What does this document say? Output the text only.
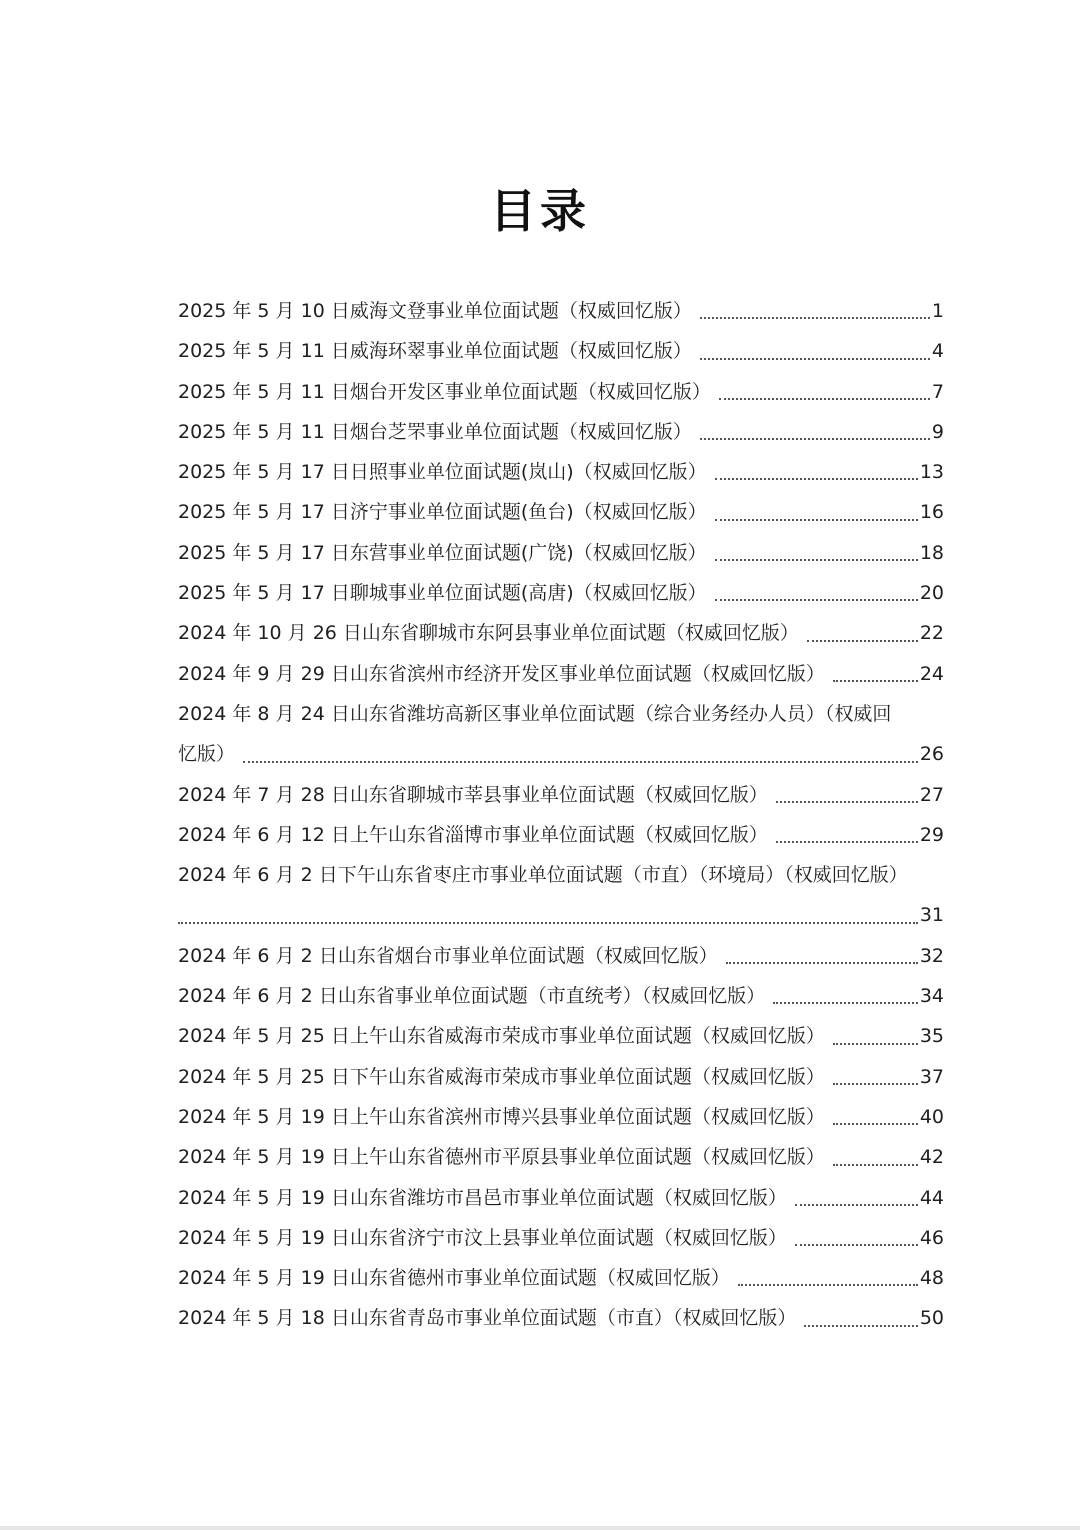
目录
2025 年 5 月 10 日威海文登事业单位面试题（权威回忆版）	1
2025 年 5 月 11 日威海环翠事业单位面试题（权威回忆版）	4
2025 年 5 月 11 日烟台开发区事业单位面试题（权威回忆版）	7
2025 年 5 月 11 日烟台芝罘事业单位面试题（权威回忆版）	9
2025 年 5 月 17 日日照事业单位面试题(岚山)（权威回忆版）	13
2025 年 5 月 17 日济宁事业单位面试题(鱼台)（权威回忆版）	16
2025 年 5 月 17 日东营事业单位面试题(广饶)（权威回忆版）	18
2025 年 5 月 17 日聊城事业单位面试题(高唐)（权威回忆版）	20
2024 年 10 月 26 日山东省聊城市东阿县事业单位面试题（权威回忆版）	22
2024 年 9 月 29 日山东省滨州市经济开发区事业单位面试题（权威回忆版）	24
2024 年 8 月 24 日山东省潍坊高新区事业单位面试题（综合业务经办人员）（权威回
忆版）	26
2024 年 7 月 28 日山东省聊城市莘县事业单位面试题（权威回忆版）	27
2024 年 6 月 12 日上午山东省淄博市事业单位面试题（权威回忆版）	29
2024 年 6 月 2 日下午山东省枣庄市事业单位面试题（市直）（环境局）（权威回忆版）
31
2024 年 6 月 2 日山东省烟台市事业单位面试题（权威回忆版）	32
2024 年 6 月 2 日山东省事业单位面试题（市直统考）（权威回忆版）	34
2024 年 5 月 25 日上午山东省威海市荣成市事业单位面试题（权威回忆版）	35
2024 年 5 月 25 日下午山东省威海市荣成市事业单位面试题（权威回忆版）	37
2024 年 5 月 19 日上午山东省滨州市博兴县事业单位面试题（权威回忆版）	40
2024 年 5 月 19 日上午山东省德州市平原县事业单位面试题（权威回忆版）	42
2024 年 5 月 19 日山东省潍坊市昌邑市事业单位面试题（权威回忆版）	44
2024 年 5 月 19 日山东省济宁市汶上县事业单位面试题（权威回忆版）	46
2024 年 5 月 19 日山东省德州市事业单位面试题（权威回忆版）	48
2024 年 5 月 18 日山东省青岛市事业单位面试题（市直）（权威回忆版）	50
